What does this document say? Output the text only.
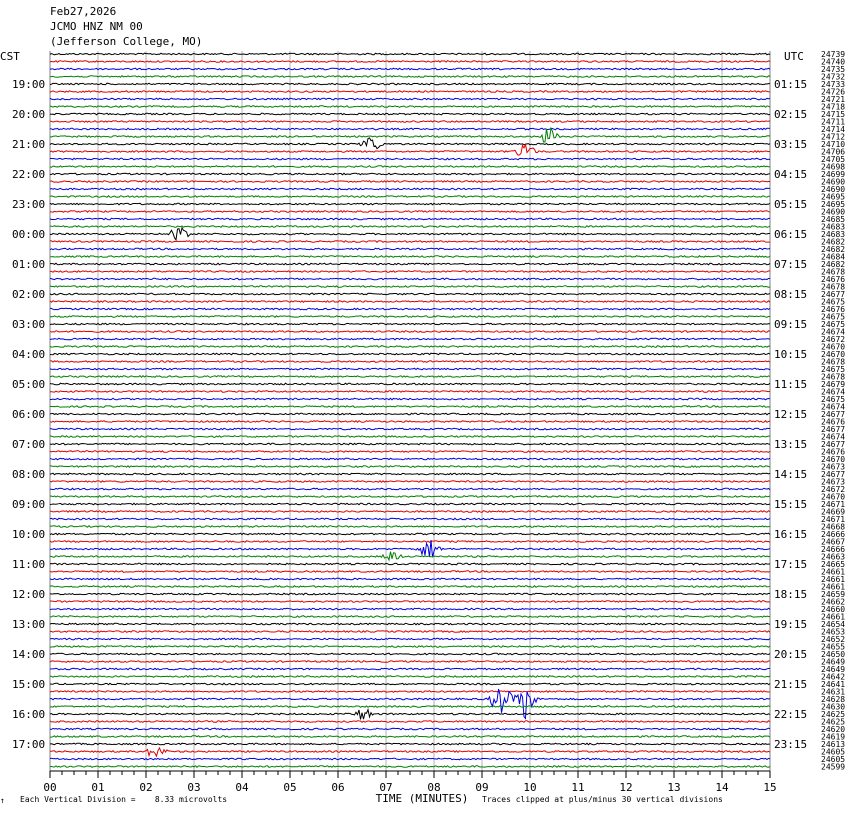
Feb27,2026
JCMO HNZ NM 00
(Jefferson College, MO)
CST	UTC
19:00
20:00
21:00
22:00
23:00
00:00
01:00
02:00
03:00
04:00
05:00
06:00
07:00
08:00
09:00
10:00
11:00
12:00
13:00
14:00
15:00
16:00
17:00
01:15
02:15
03:15
04:15
05:15
06:15
07:15
08:15
09:15
10:15
11:15
12:15
13:15
14:15
15:15
16:15
17:15
18:15
19:15
20:15
21:15
22:15
23:15
24739
24740
24735
24732
24733
24726
24721
24718
24715
24711
24714
24712
24710
24706
24705
24698
24699
24690
24690
24695
24695
24690
24685
24683
24683
24682
24682
24684
24682
24678
24676
24678
24677
24675
24676
24675
24675
24674
24672
24670
24670
24678
24675
24678
24679
24674
24675
24674
24677
24676
24677
24674
24677
24676
24670
24673
24677
24673
24672
24670
24671
24669
24671
24668
24666
24667
24666
24663
24665
24661
24661
24661
24659
24662
24660
24661
24654
24653
24652
24655
24650
24649
24649
24642
24641
24631
24628
24630
24625
24625
24620
24619
24613
24605
24605
24599
00	01	02	03	04	05	06	07	08	09	10	11	12	13	14	15
TIME (MINUTES)
↑ Each Vertical Division =    8.33 microvolts	Traces clipped at plus/minus 30 vertical divisions
